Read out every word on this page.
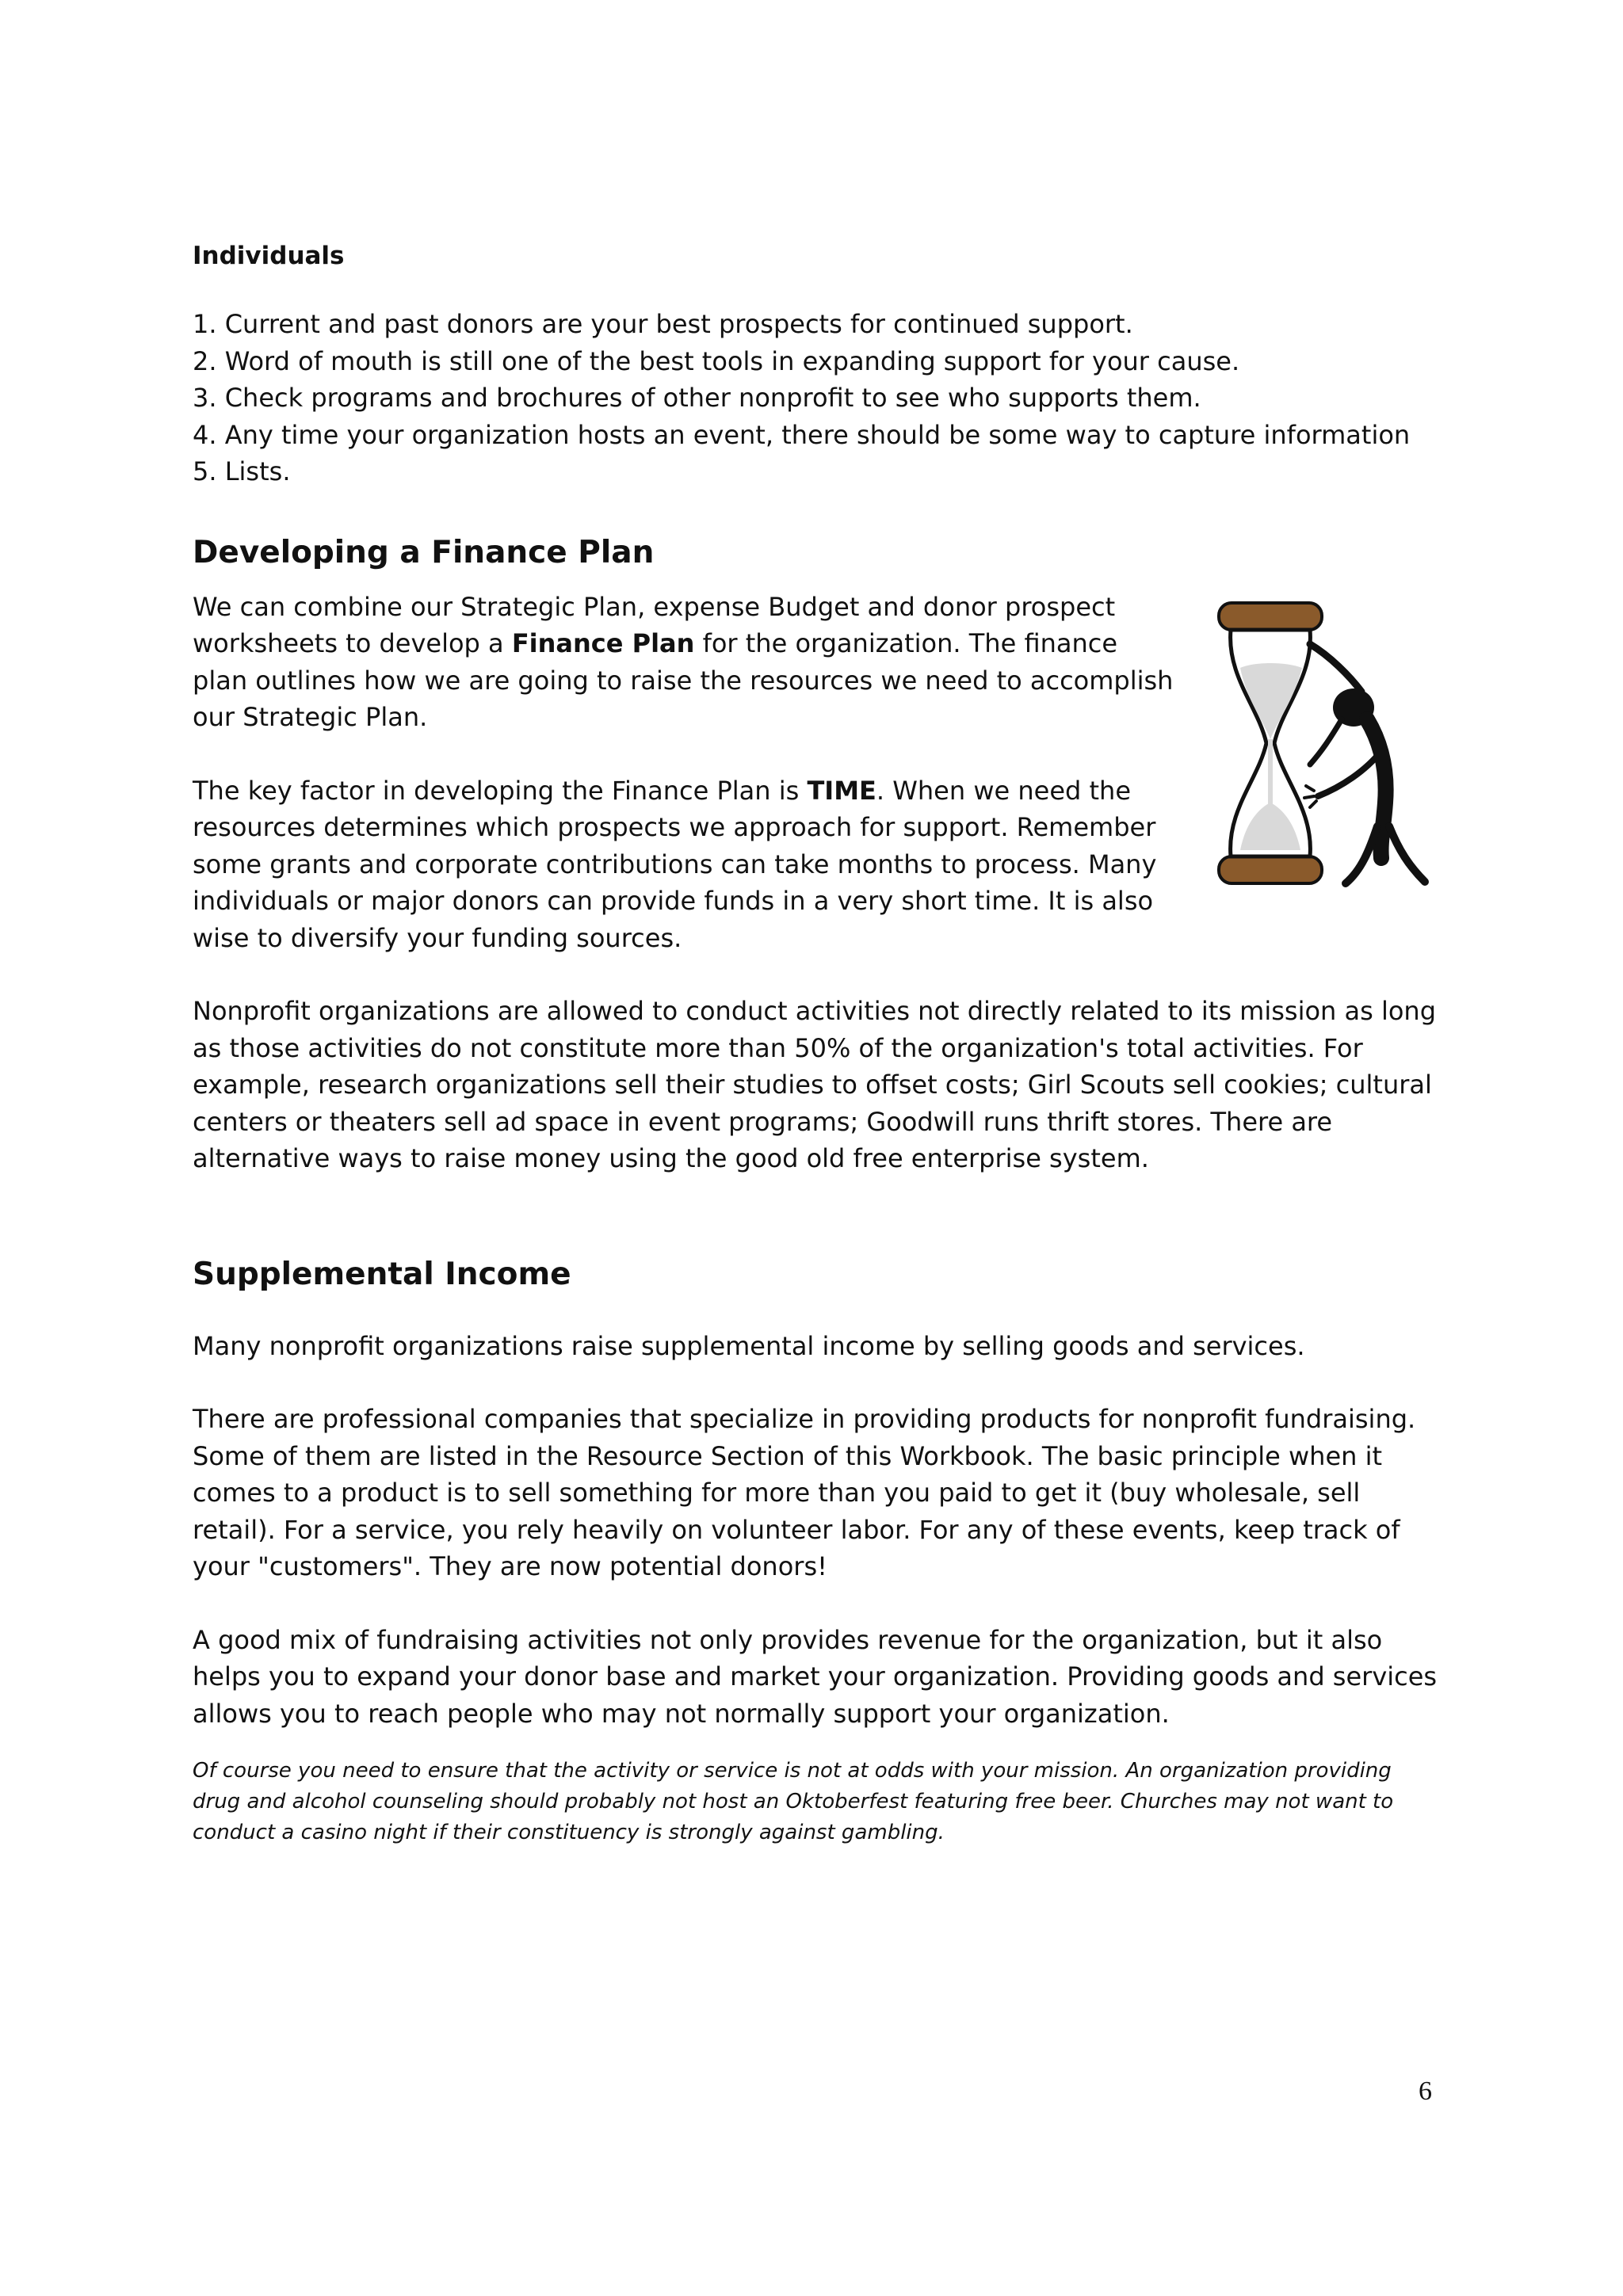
Individuals
1. Current and past donors are your best prospects for continued support.
2. Word of mouth is still one of the best tools in expanding support for your cause.
3. Check programs and brochures of other nonprofit to see who supports them.
4. Any time your organization hosts an event, there should be some way to capture information
5. Lists.
Developing a Finance Plan

We can combine our Strategic Plan, expense Budget and donor prospect worksheets to develop a Finance Plan for the organization. The finance plan outlines how we are going to raise the resources we need to accomplish our Strategic Plan.

The key factor in developing the Finance Plan is TIME. When we need the resources determines which prospects we approach for support. Remember some grants and corporate contributions can take months to process. Many individuals or major donors can provide funds in a very short time. It is also wise to diversify your funding sources.

Nonprofit organizations are allowed to conduct activities not directly related to its mission as long as those activities do not constitute more than 50% of the organization's total activities. For example, research organizations sell their studies to offset costs; Girl Scouts sell cookies; cultural centers or theaters sell ad space in event programs; Goodwill runs thrift stores. There are alternative ways to raise money using the good old free enterprise system.

Supplemental Income

Many nonprofit organizations raise supplemental income by selling goods and services.

There are professional companies that specialize in providing products for nonprofit fundraising. Some of them are listed in the Resource Section of this Workbook. The basic principle when it comes to a product is to sell something for more than you paid to get it (buy wholesale, sell retail). For a service, you rely heavily on volunteer labor. For any of these events, keep track of your "customers". They are now potential donors!

A good mix of fundraising activities not only provides revenue for the organization, but it also helps you to expand your donor base and market your organization. Providing goods and services allows you to reach people who may not normally support your organization.

Of course you need to ensure that the activity or service is not at odds with your mission. An organization providing drug and alcohol counseling should probably not host an Oktoberfest featuring free beer. Churches may not want to conduct a casino night if their constituency is strongly against gambling.

6
